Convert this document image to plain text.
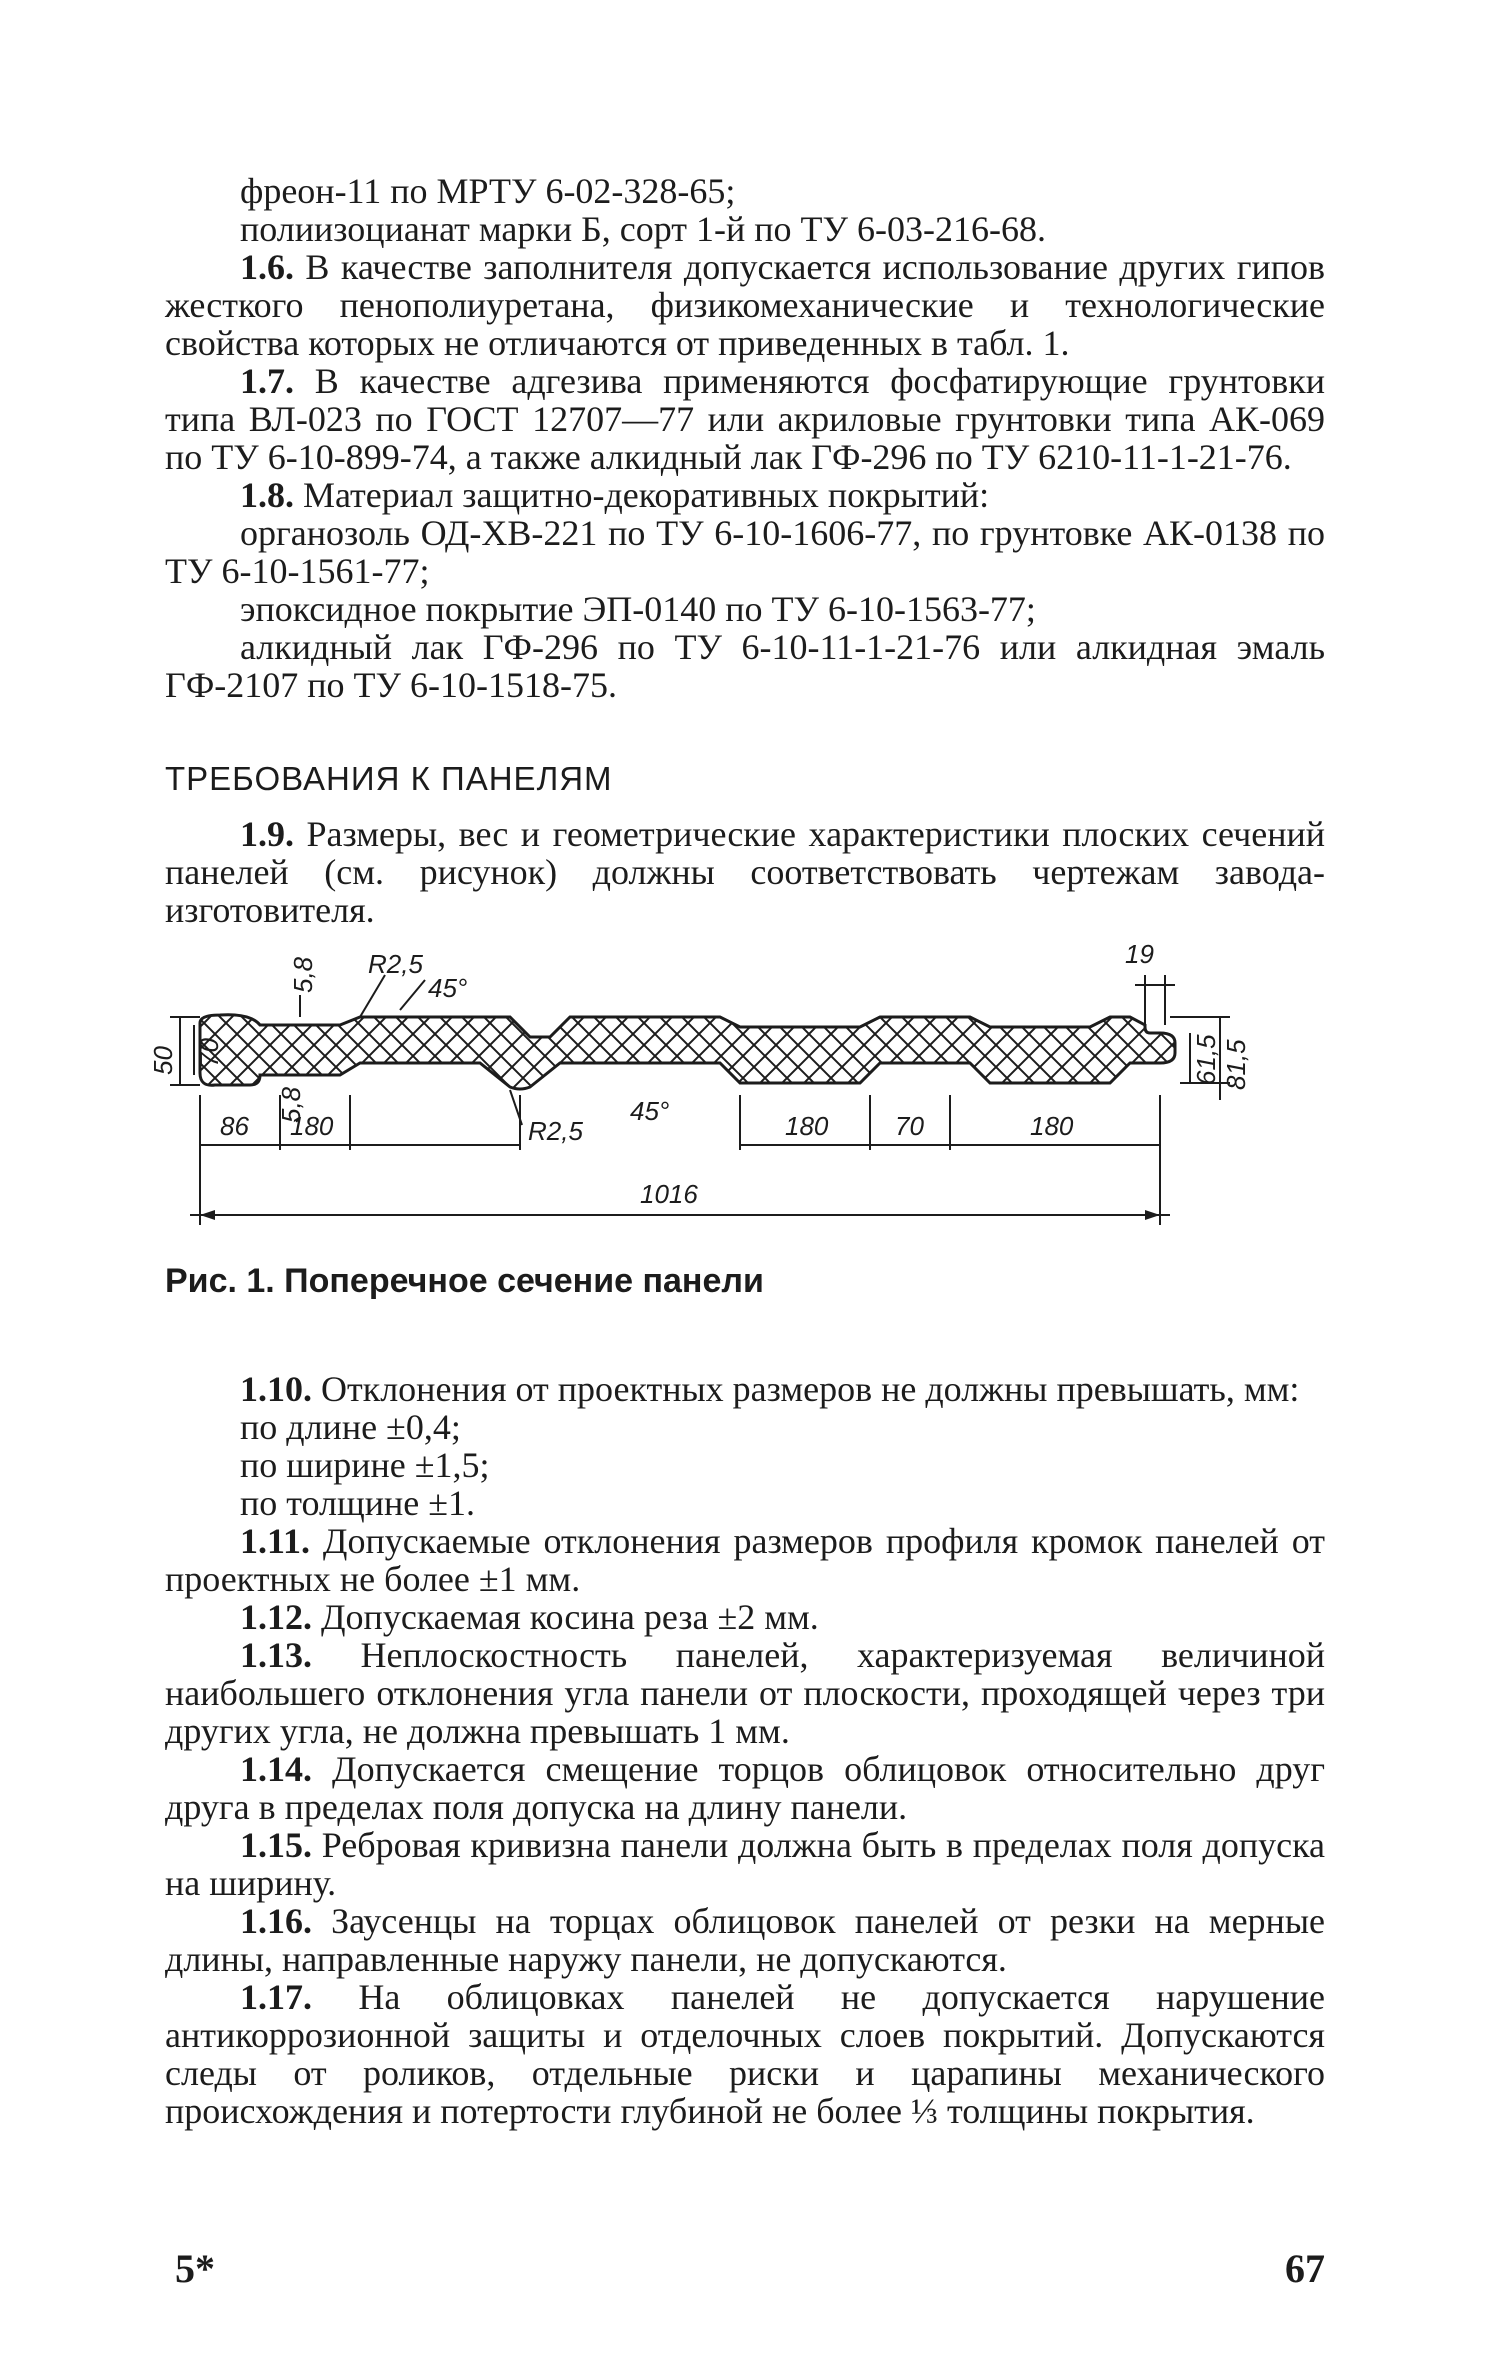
фреон-11 по МРТУ 6-02-328-65;

полиизоцианат марки Б, сорт 1-й по ТУ 6-03-216-68.

1.6. В качестве заполнителя допускается использование других гипов жесткого пенополиуретана, физикомеханические и технологические свойства которых не отличаются от приведенных в табл. 1.

1.7. В качестве адгезива применяются фосфатирующие грунтовки типа ВЛ-023 по ГОСТ 12707—77 или акриловые грунтовки типа АК-069 по ТУ 6-10-899-74, а также алкидный лак ГФ-296 по ТУ 6210-11-1-21-76.

1.8. Материал защитно-декоративных покрытий:

органозоль ОД-ХВ-221 по ТУ 6-10-1606-77, по грунтовке АК-0138 по ТУ 6-10-1561-77;

эпоксидное покрытие ЭП-0140 по ТУ 6-10-1563-77;

алкидный лак ГФ-296 по ТУ 6-10-11-1-21-76 или алкидная эмаль ГФ-2107 по ТУ 6-10-1518-75.

ТРЕБОВАНИЯ К ПАНЕЛЯМ

1.9. Размеры, вес и геометрические характеристики плоских сечений панелей (см. рисунок) должны соответствовать чертежам завода-изготовителя.

50 70
19
61,5 81,5
5,8 R2,5
45°
5,8
R2,5
45°
86 180	180	70	180
1016
Рис. 1. Поперечное сечение панели

1.10. Отклонения от проектных размеров не должны превышать, мм:

по длине ±0,4;

по ширине ±1,5;

по толщине ±1.

1.11. Допускаемые отклонения размеров профиля кромок панелей от проектных не более ±1 мм.

1.12. Допускаемая косина реза ±2 мм.

1.13. Неплоскостность панелей, характеризуемая величиной наибольшего отклонения угла панели от плоскости, проходящей через три других угла, не должна превышать 1 мм.

1.14. Допускается смещение торцов облицовок относительно друг друга в пределах поля допуска на длину панели.

1.15. Ребровая кривизна панели должна быть в пределах поля допуска на ширину.

1.16. Заусенцы на торцах облицовок панелей от резки на мерные длины, направленные наружу панели, не допускаются.

1.17. На облицовках панелей не допускается нарушение антикоррозионной защиты и отделочных слоев покрытий. Допускаются следы от роликов, отдельные риски и царапины механического происхождения и потертости глубиной не более ⅓ толщины покрытия.

5*	67
